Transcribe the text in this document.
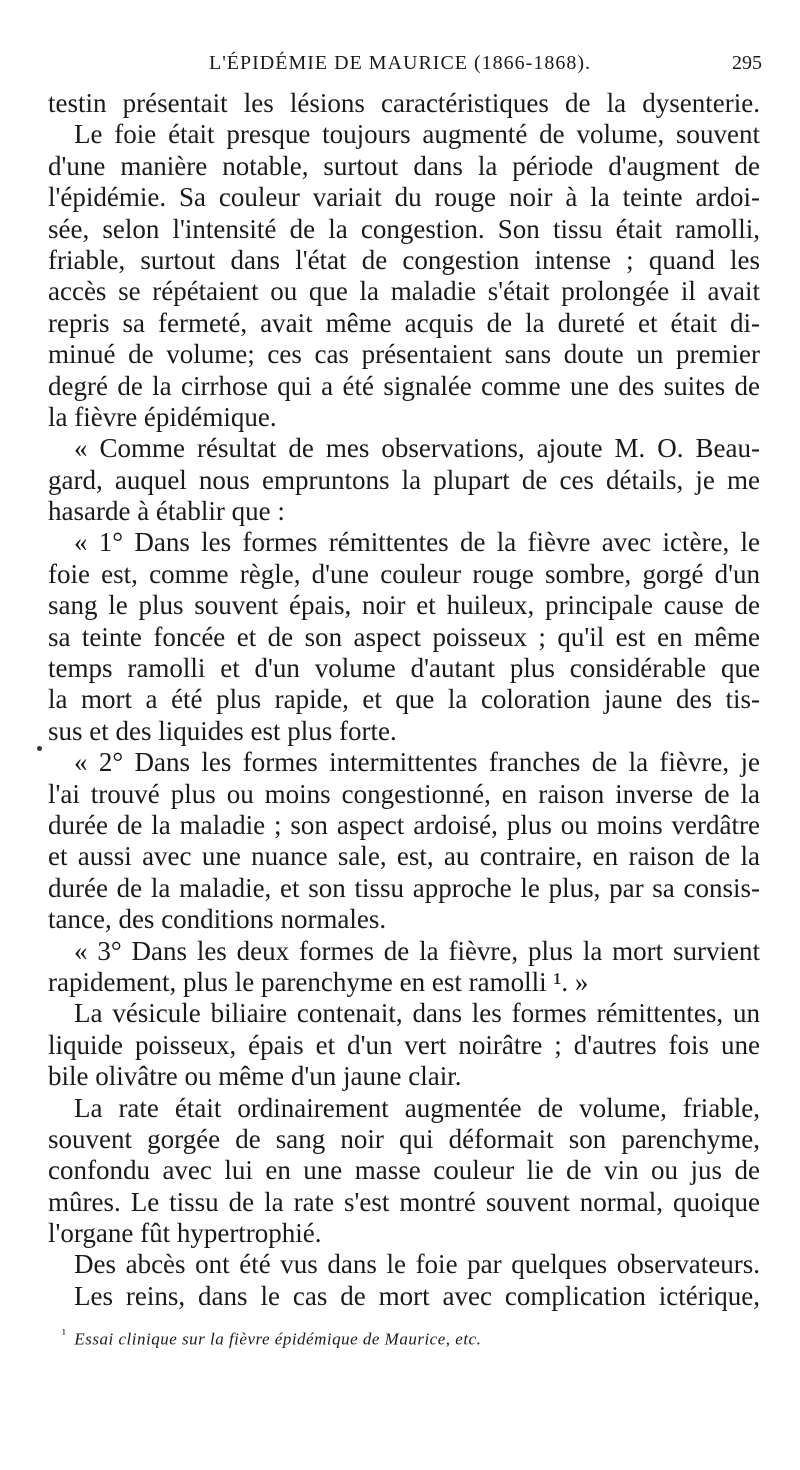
L'ÉPIDÉMIE DE MAURICE (1866-1868).	295
testin présentait les lésions caractéristiques de la dysenterie.
Le foie était presque toujours augmenté de volume, souvent
d'une manière notable, surtout dans la période d'augment de
l'épidémie. Sa couleur variait du rouge noir à la teinte ardoi-
sée, selon l'intensité de la congestion. Son tissu était ramolli,
friable, surtout dans l'état de congestion intense ; quand les
accès se répétaient ou que la maladie s'était prolongée il avait
repris sa fermeté, avait même acquis de la dureté et était di-
minué de volume; ces cas présentaient sans doute un premier
degré de la cirrhose qui a été signalée comme une des suites de
la fièvre épidémique.
« Comme résultat de mes observations, ajoute M. O. Beau-
gard, auquel nous empruntons la plupart de ces détails, je me
hasarde à établir que :
« 1° Dans les formes rémittentes de la fièvre avec ictère, le
foie est, comme règle, d'une couleur rouge sombre, gorgé d'un
sang le plus souvent épais, noir et huileux, principale cause de
sa teinte foncée et de son aspect poisseux ; qu'il est en même
temps ramolli et d'un volume d'autant plus considérable que
la mort a été plus rapide, et que la coloration jaune des tis-
sus et des liquides est plus forte.
« 2° Dans les formes intermittentes franches de la fièvre, je
l'ai trouvé plus ou moins congestionné, en raison inverse de la
durée de la maladie ; son aspect ardoisé, plus ou moins verdâtre
et aussi avec une nuance sale, est, au contraire, en raison de la
durée de la maladie, et son tissu approche le plus, par sa consis-
tance, des conditions normales.
« 3° Dans les deux formes de la fièvre, plus la mort survient
rapidement, plus le parenchyme en est ramolli ¹. »
La vésicule biliaire contenait, dans les formes rémittentes, un
liquide poisseux, épais et d'un vert noirâtre ; d'autres fois une
bile olivâtre ou même d'un jaune clair.
La rate était ordinairement augmentée de volume, friable,
souvent gorgée de sang noir qui déformait son parenchyme,
confondu avec lui en une masse couleur lie de vin ou jus de
mûres. Le tissu de la rate s'est montré souvent normal, quoique
l'organe fût hypertrophié.
Des abcès ont été vus dans le foie par quelques observateurs.
Les reins, dans le cas de mort avec complication ictérique,
$^{^1}$ Essai clinique sur la fièvre épidémique de Maurice, etc.
